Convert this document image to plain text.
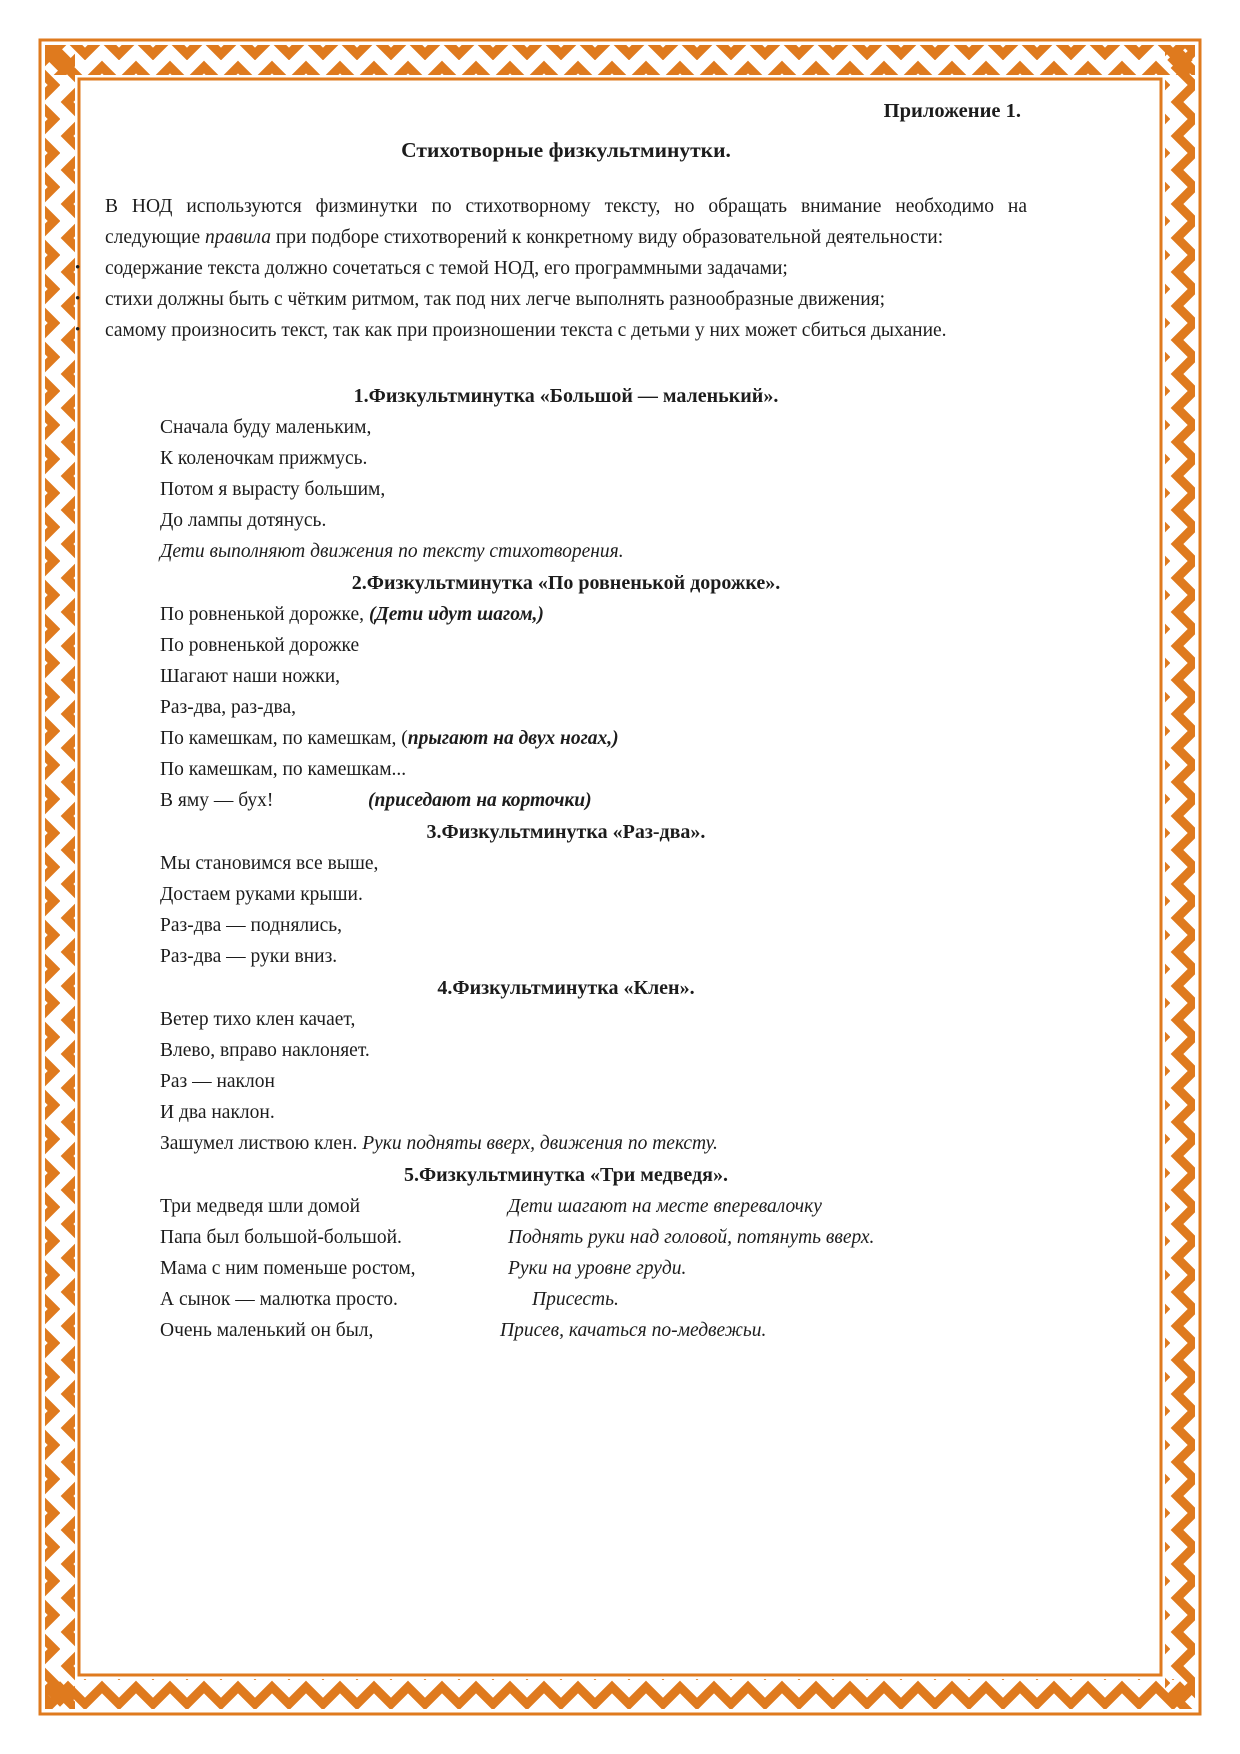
Приложение 1.
Стихотворные физкультминутки.

В НОД используются физминутки по стихотворному тексту, но обращать внимание необходимо на следующие правила при подборе стихотворений к конкретному виду образовательной деятельности:

• содержание текста должно сочетаться с темой НОД, его программными задачами;
• стихи должны быть с чётким ритмом, так под них легче выполнять разнообразные движения;
• самому произносить текст, так как при произношении текста с детьми у них может сбиться дыхание.
1.Физкультминутка «Большой — маленький».
Сначала буду маленьким,
К коленочкам прижмусь.
Потом я вырасту большим,
До лампы дотянусь.
Дети выполняют движения по тексту стихотворения.
2.Физкультминутка «По ровненькой дорожке».
По ровненькой дорожке, (Дети идут шагом,)
По ровненькой дорожке
Шагают наши ножки,
Раз-два, раз-два,
По камешкам, по камешкам, (прыгают на двух ногах,)
По камешкам, по камешкам...
В яму — бух!	(приседают на корточки)
3.Физкультминутка «Раз-два».
Мы становимся все выше,
Достаем руками крыши.
Раз-два — поднялись,
Раз-два — руки вниз.
4.Физкультминутка «Клен».
Ветер тихо клен качает,
Влево, вправо наклоняет.
Раз — наклон
И два наклон.
Зашумел листвою клен. Руки подняты вверх, движения по тексту.
5.Физкультминутка «Три медведя».
Три медведя шли домой	Дети шагают на месте вперевалочку
Папа был большой-большой.	Поднять руки над головой, потянуть вверх.
Мама с ним поменьше ростом,	Руки на уровне груди.
А сынок — малютка просто.	Присесть.
Очень маленький он был,	Присев, качаться по-медвежьи.
